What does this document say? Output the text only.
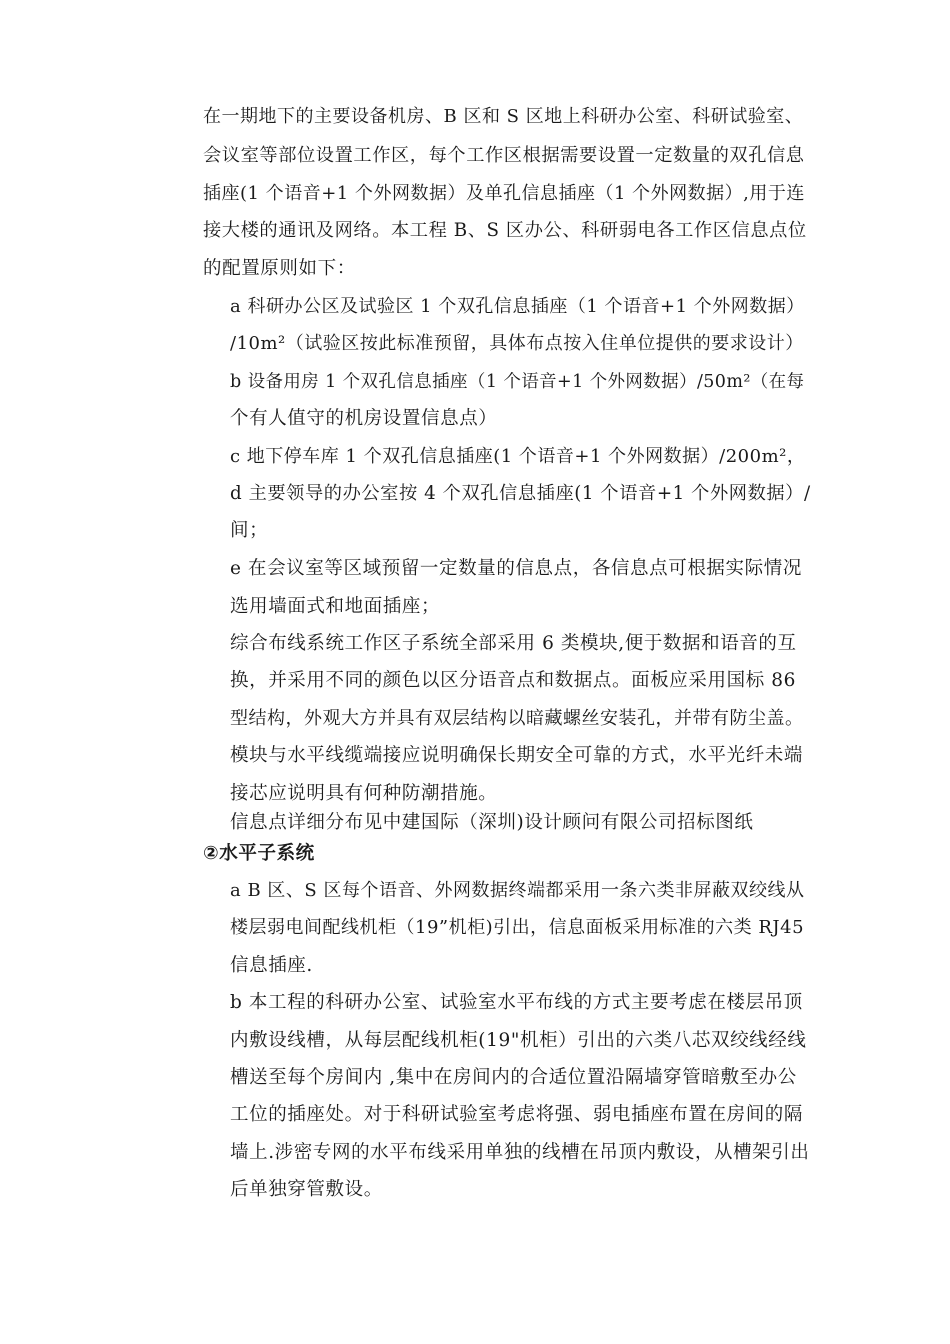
在一期地下的主要设备机房、B 区和 S 区地上科研办公室、科研试验室、

会议室等部位设置工作区，每个工作区根据需要设置一定数量的双孔信息

插座(1 个语音+1 个外网数据）及单孔信息插座（1 个外网数据）,用于连

接大楼的通讯及网络。本工程 B、S 区办公、科研弱电各工作区信息点位

的配置原则如下：

a 科研办公区及试验区 1 个双孔信息插座（1 个语音+1 个外网数据）

/10m²（试验区按此标准预留，具体布点按入住单位提供的要求设计）

b 设备用房 1 个双孔信息插座（1 个语音+1 个外网数据）/50m²（在每

个有人值守的机房设置信息点）

c 地下停车库 1 个双孔信息插座(1 个语音+1 个外网数据）/200m²，

d 主要领导的办公室按 4 个双孔信息插座(1 个语音+1 个外网数据）/

间；

e 在会议室等区域预留一定数量的信息点，各信息点可根据实际情况

选用墙面式和地面插座；

综合布线系统工作区子系统全部采用 6 类模块,便于数据和语音的互

换，并采用不同的颜色以区分语音点和数据点。面板应采用国标 86

型结构，外观大方并具有双层结构以暗藏螺丝安装孔，并带有防尘盖。

模块与水平线缆端接应说明确保长期安全可靠的方式，水平光纤未端

接芯应说明具有何种防潮措施。

信息点详细分布见中建国际（深圳)设计顾问有限公司招标图纸

②水平子系统

a B 区、S 区每个语音、外网数据终端都采用一条六类非屏蔽双绞线从

楼层弱电间配线机柜（19”机柜)引出，信息面板采用标准的六类 RJ45

信息插座.

b 本工程的科研办公室、试验室水平布线的方式主要考虑在楼层吊顶

内敷设线槽，从每层配线机柜(19"机柜）引出的六类八芯双绞线经线

槽送至每个房间内 ,集中在房间内的合适位置沿隔墙穿管暗敷至办公

工位的插座处。对于科研试验室考虑将强、弱电插座布置在房间的隔

墙上.涉密专网的水平布线采用单独的线槽在吊顶内敷设，从槽架引出

后单独穿管敷设。
